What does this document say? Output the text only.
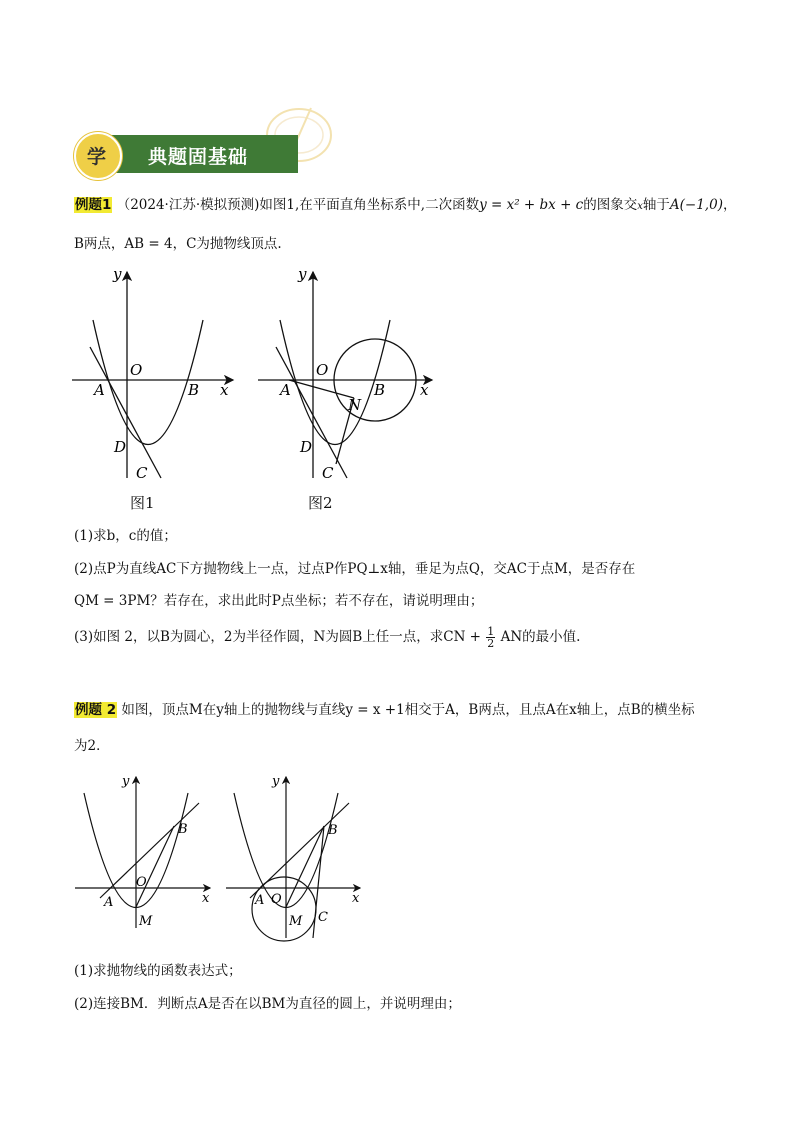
学 典题固基础
例题1 （2024·江苏·模拟预测)如图1,在平面直角坐标系中,二次函数y = x² + bx + c的图象交x轴于A(−1,0)，
B两点，AB = 4，C为抛物线顶点.
y
x
O
A	B
D
C
图1
y
x
O
A	B
N
D
C
图2
(1)求b，c的值；
(2)点P为直线AC下方抛物线上一点，过点P作PQ⊥x轴，垂足为点Q，交AC于点M，是否存在
QM = 3PM？若存在，求出此时P点坐标；若不存在，请说明理由；
(3)如图 2，以B为圆心，2为半径作圆，N为圆B上任一点，求CN + $\frac{1}{2}$ AN的最小值.
例题 2 如图，顶点M在y轴上的抛物线与直线y = x +1相交于A，B两点，且点A在x轴上，点B的横坐标
为2．
y
x
O
A
B
M
y
x
O
A
B
M C
(1)求抛物线的函数表达式；
(2)连接BM．判断点A是否在以BM为直径的圆上，并说明理由；
